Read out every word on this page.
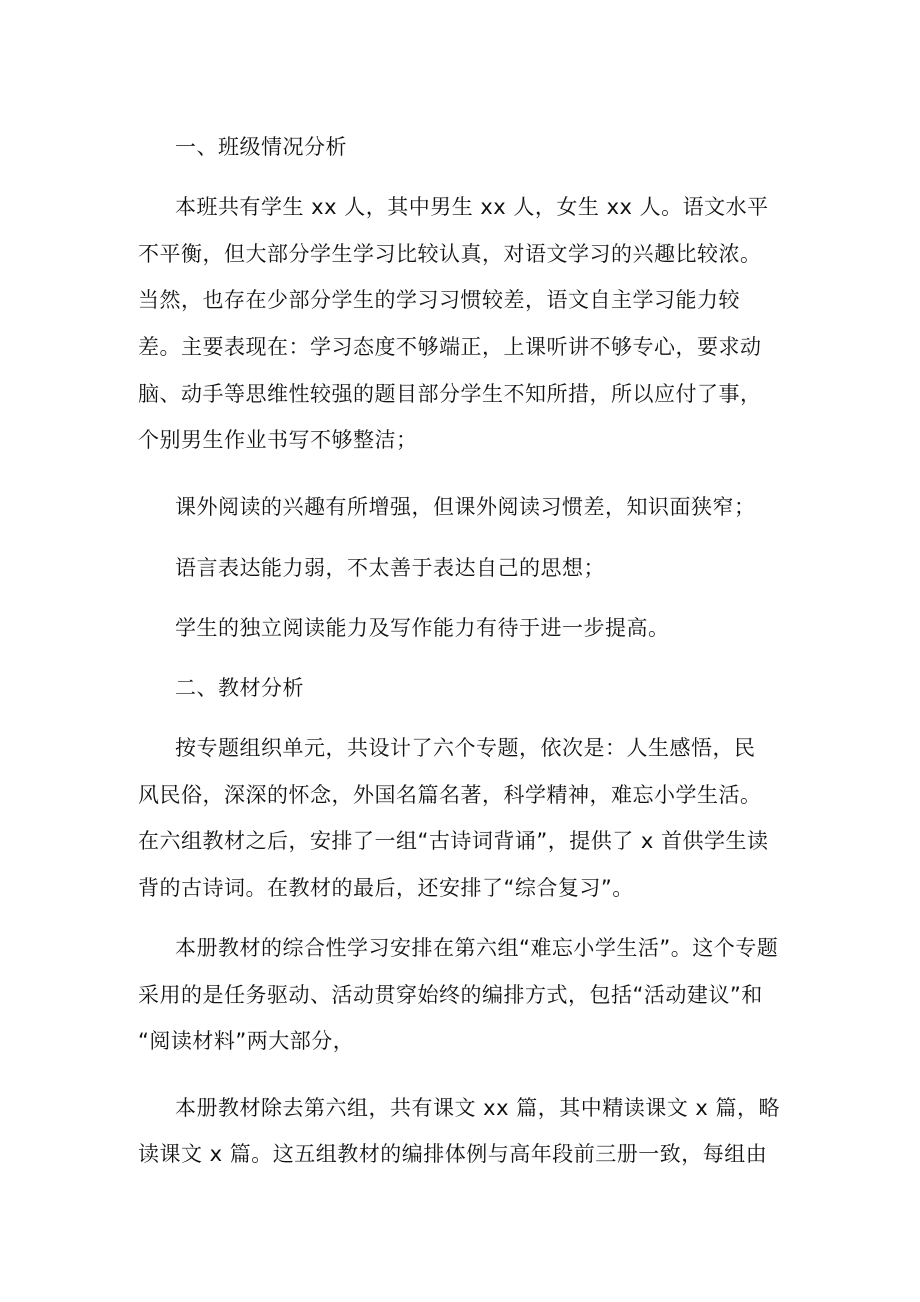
一、班级情况分析
本班共有学生 xx 人，其中男生 xx 人，女生 xx 人。语文水平
不平衡，但大部分学生学习比较认真，对语文学习的兴趣比较浓。
当然，也存在少部分学生的学习习惯较差，语文自主学习能力较
差。主要表现在：学习态度不够端正，上课听讲不够专心，要求动
脑、动手等思维性较强的题目部分学生不知所措，所以应付了事，
个别男生作业书写不够整洁；
课外阅读的兴趣有所增强，但课外阅读习惯差，知识面狭窄；
语言表达能力弱，不太善于表达自己的思想；
学生的独立阅读能力及写作能力有待于进一步提高。
二、教材分析
按专题组织单元，共设计了六个专题，依次是：人生感悟，民
风民俗，深深的怀念，外国名篇名著，科学精神，难忘小学生活。
在六组教材之后，安排了一组“古诗词背诵”，提供了 x 首供学生读
背的古诗词。在教材的最后，还安排了“综合复习”。
本册教材的综合性学习安排在第六组“难忘小学生活”。这个专题
采用的是任务驱动、活动贯穿始终的编排方式，包括“活动建议”和
“阅读材料”两大部分，
本册教材除去第六组，共有课文 xx 篇，其中精读课文 x 篇，略
读课文 x 篇。这五组教材的编排体例与高年段前三册一致，每组由
